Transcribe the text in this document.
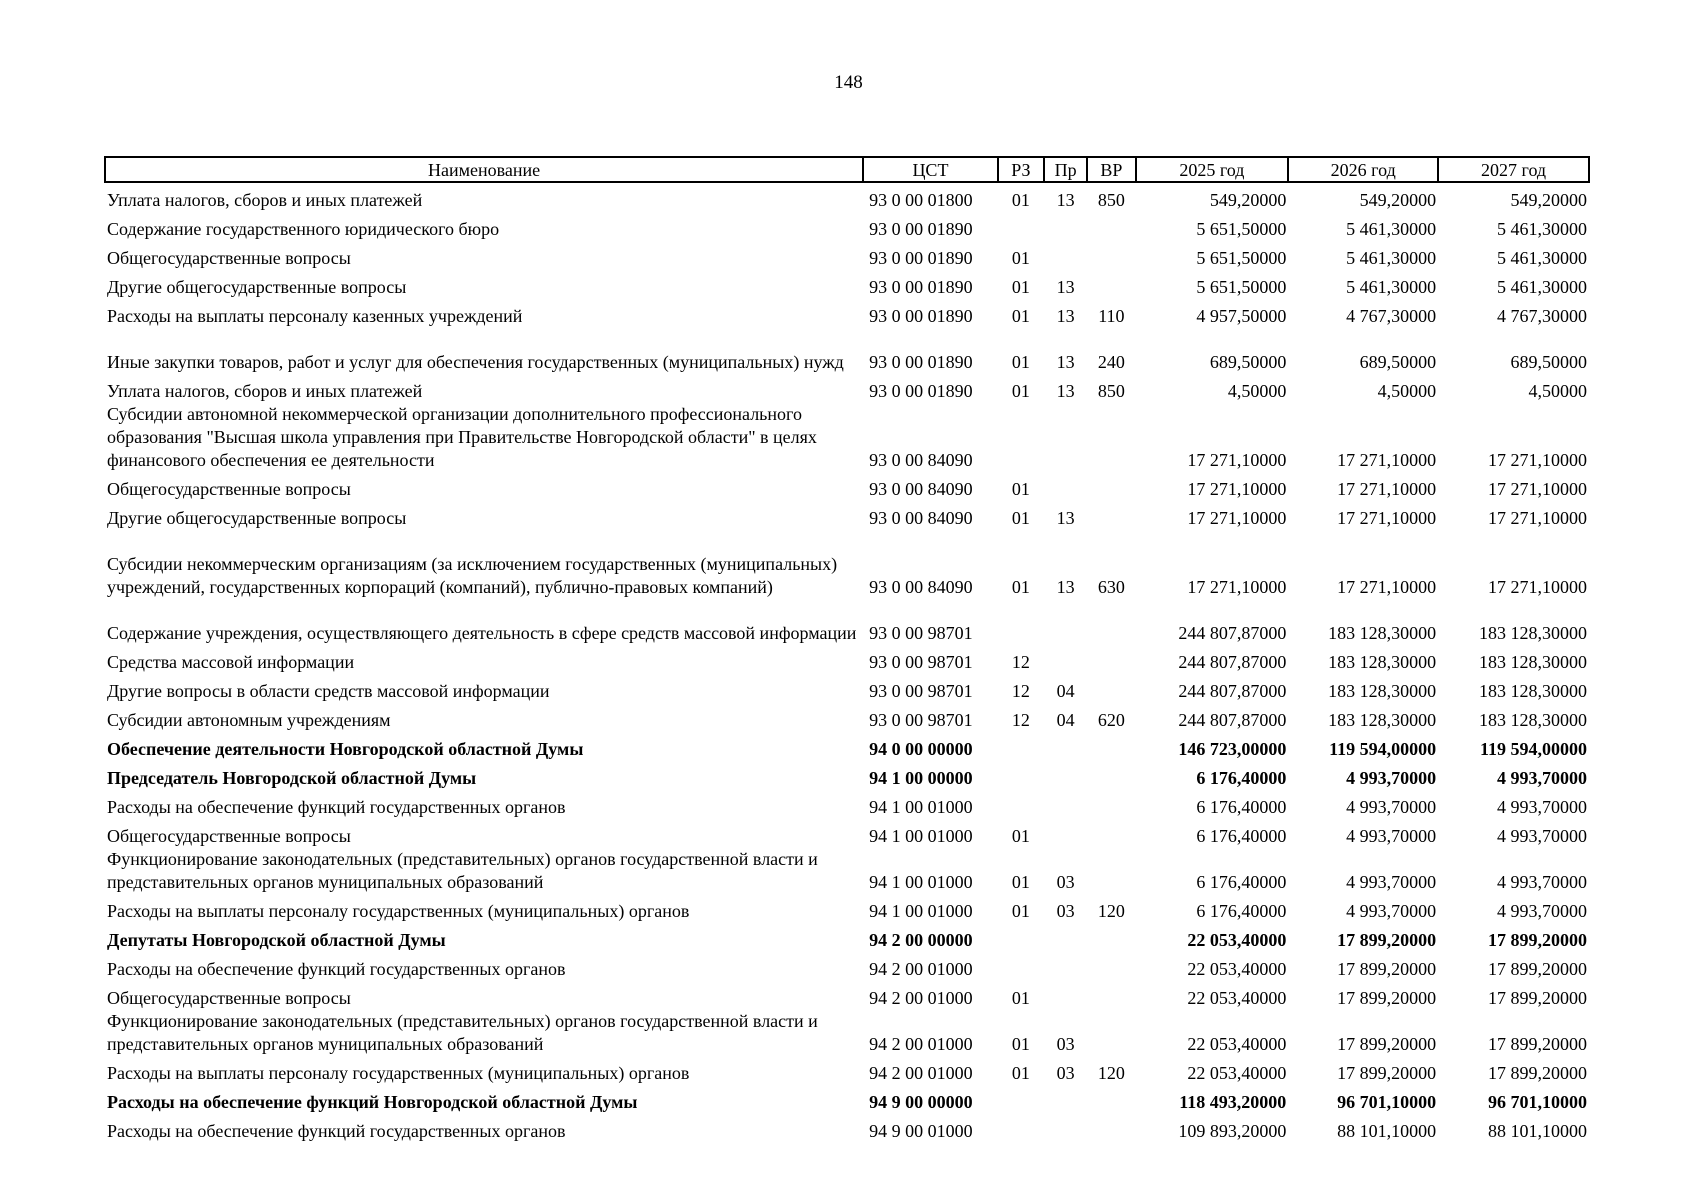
148
Наименование	ЦСТ	РЗ	Пр	ВР	2025 год	2026 год	2027 год
Уплата налогов, сборов и иных платежей	93 0 00 01800	01	13	850	549,20000	549,20000	549,20000
Содержание государственного юридического бюро	93 0 00 01890				5 651,50000	5 461,30000	5 461,30000
Общегосударственные вопросы	93 0 00 01890	01			5 651,50000	5 461,30000	5 461,30000
Другие общегосударственные вопросы	93 0 00 01890	01	13		5 651,50000	5 461,30000	5 461,30000
Расходы на выплаты персоналу казенных учреждений	93 0 00 01890	01	13	110	4 957,50000	4 767,30000	4 767,30000
Иные закупки товаров, работ и услуг для обеспечения государственных (муниципальных) нужд	93 0 00 01890	01	13	240	689,50000	689,50000	689,50000
Уплата налогов, сборов и иных платежей	93 0 00 01890	01	13	850	4,50000	4,50000	4,50000
Субсидии автономной некоммерческой организации дополнительного профессионального образования "Высшая школа управления при Правительстве Новгородской области" в целях финансового обеспечения ее деятельности	93 0 00 84090				17 271,10000	17 271,10000	17 271,10000
Общегосударственные вопросы	93 0 00 84090	01			17 271,10000	17 271,10000	17 271,10000
Другие общегосударственные вопросы	93 0 00 84090	01	13		17 271,10000	17 271,10000	17 271,10000
Субсидии некоммерческим организациям (за исключением государственных (муниципальных) учреждений, государственных корпораций (компаний), публично-правовых компаний)	93 0 00 84090	01	13	630	17 271,10000	17 271,10000	17 271,10000
Содержание учреждения, осуществляющего деятельность в сфере средств массовой информации	93 0 00 98701				244 807,87000	183 128,30000	183 128,30000
Средства массовой информации	93 0 00 98701	12			244 807,87000	183 128,30000	183 128,30000
Другие вопросы в области средств массовой информации	93 0 00 98701	12	04		244 807,87000	183 128,30000	183 128,30000
Субсидии автономным учреждениям	93 0 00 98701	12	04	620	244 807,87000	183 128,30000	183 128,30000
Обеспечение деятельности Новгородской областной Думы	94 0 00 00000				146 723,00000	119 594,00000	119 594,00000
Председатель Новгородской областной Думы	94 1 00 00000				6 176,40000	4 993,70000	4 993,70000
Расходы на обеспечение функций государственных органов	94 1 00 01000				6 176,40000	4 993,70000	4 993,70000
Общегосударственные вопросы	94 1 00 01000	01			6 176,40000	4 993,70000	4 993,70000
Функционирование законодательных (представительных) органов государственной власти и представительных органов муниципальных образований	94 1 00 01000	01	03		6 176,40000	4 993,70000	4 993,70000
Расходы на выплаты персоналу государственных (муниципальных) органов	94 1 00 01000	01	03	120	6 176,40000	4 993,70000	4 993,70000
Депутаты Новгородской областной Думы	94 2 00 00000				22 053,40000	17 899,20000	17 899,20000
Расходы на обеспечение функций государственных органов	94 2 00 01000				22 053,40000	17 899,20000	17 899,20000
Общегосударственные вопросы	94 2 00 01000	01			22 053,40000	17 899,20000	17 899,20000
Функционирование законодательных (представительных) органов государственной власти и представительных органов муниципальных образований	94 2 00 01000	01	03		22 053,40000	17 899,20000	17 899,20000
Расходы на выплаты персоналу государственных (муниципальных) органов	94 2 00 01000	01	03	120	22 053,40000	17 899,20000	17 899,20000
Расходы на обеспечение функций Новгородской областной Думы	94 9 00 00000				118 493,20000	96 701,10000	96 701,10000
Расходы на обеспечение функций государственных органов	94 9 00 01000				109 893,20000	88 101,10000	88 101,10000
